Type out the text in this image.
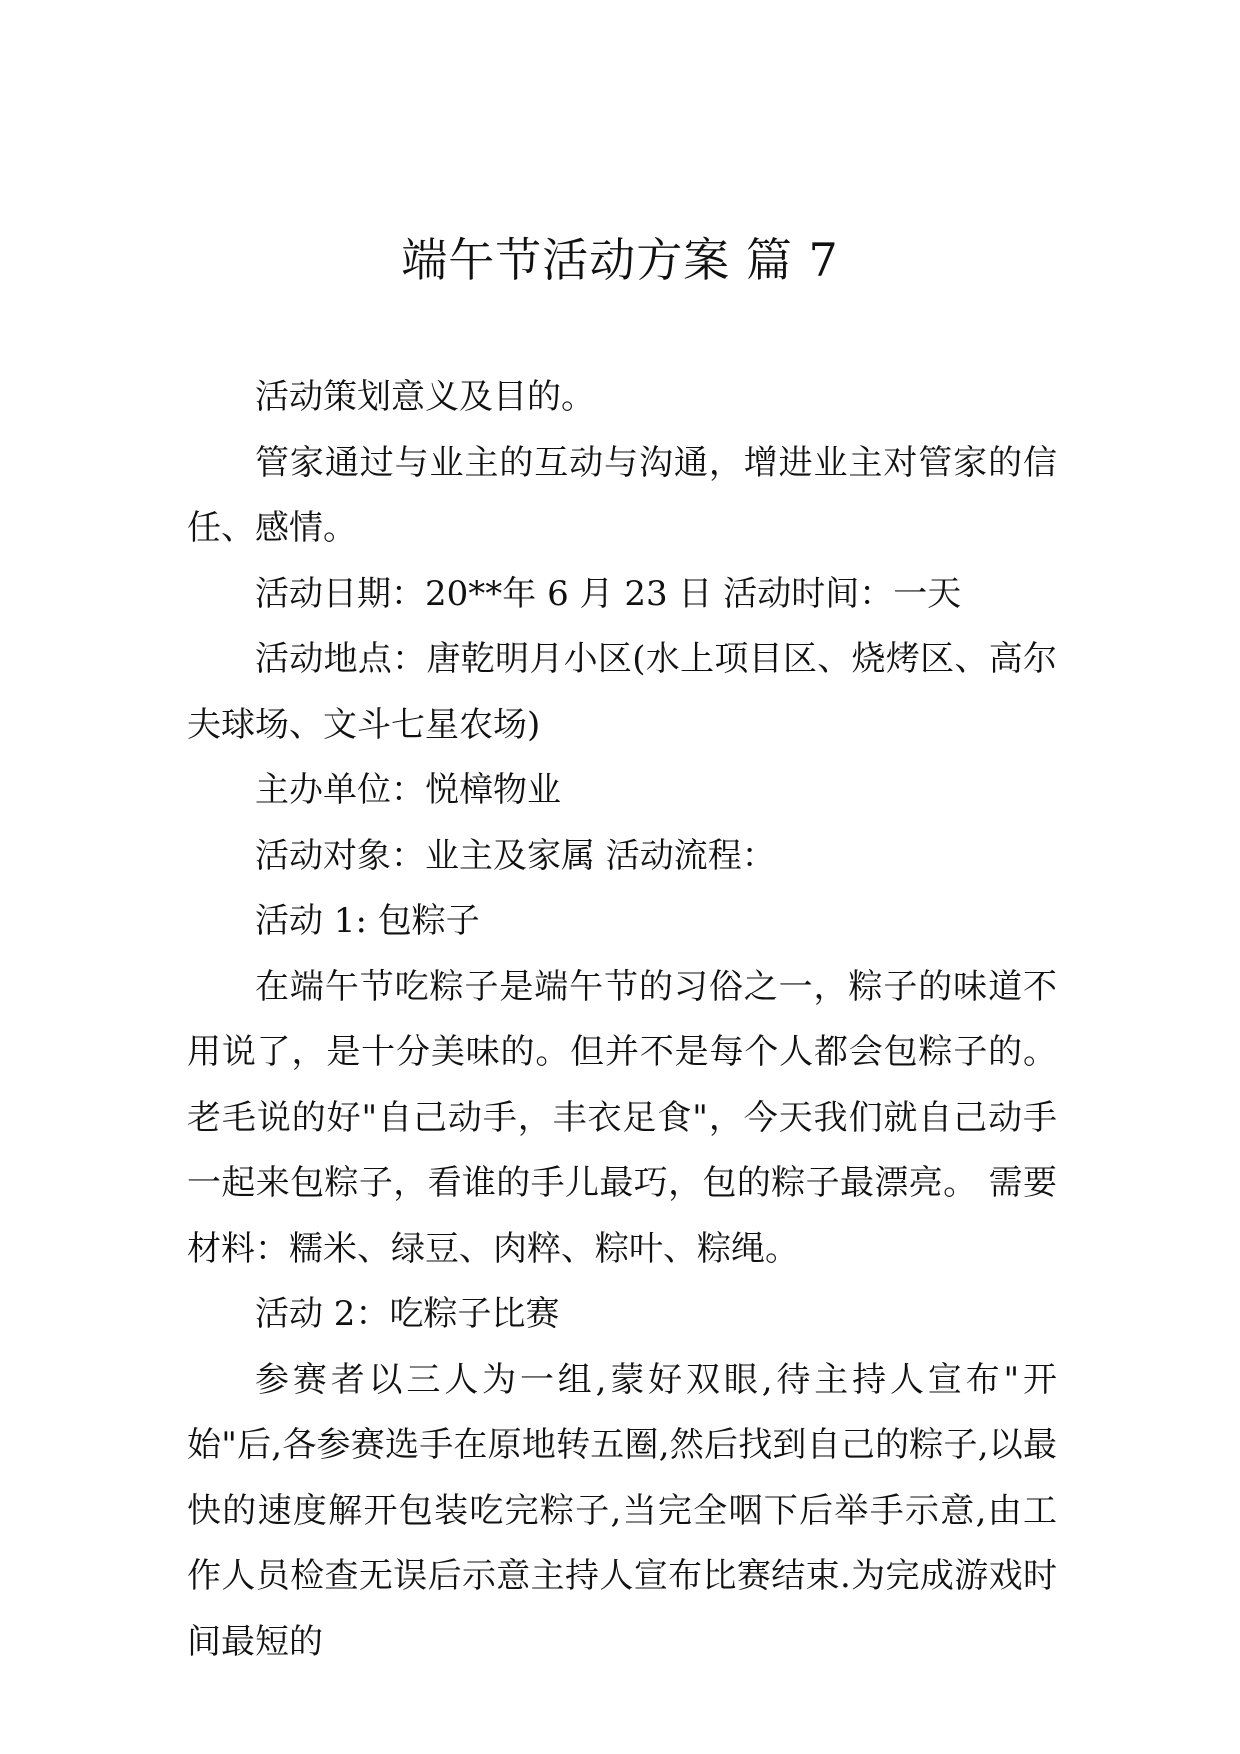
端午节活动方案 篇 7

活动策划意义及目的。

管家通过与业主的互动与沟通，增进业主对管家的信任、感情。

活动日期：20**年 6 月 23 日 活动时间：一天

活动地点：唐乾明月小区(水上项目区、烧烤区、高尔夫球场、文斗七星农场)

主办单位：悦樟物业

活动对象：业主及家属 活动流程：

活动 1: 包粽子

在端午节吃粽子是端午节的习俗之一，粽子的味道不用说了，是十分美味的。但并不是每个人都会包粽子的。老毛说的好"自己动手，丰衣足食"，今天我们就自己动手一起来包粽子，看谁的手儿最巧，包的粽子最漂亮。 需要材料：糯米、绿豆、肉粹、粽叶、粽绳。

活动 2：吃粽子比赛

参赛者以三人为一组,蒙好双眼,待主持人宣布"开始"后,各参赛选手在原地转五圈,然后找到自己的粽子,以最快的速度解开包装吃完粽子,当完全咽下后举手示意,由工作人员检查无误后示意主持人宣布比赛结束.为完成游戏时间最短的
